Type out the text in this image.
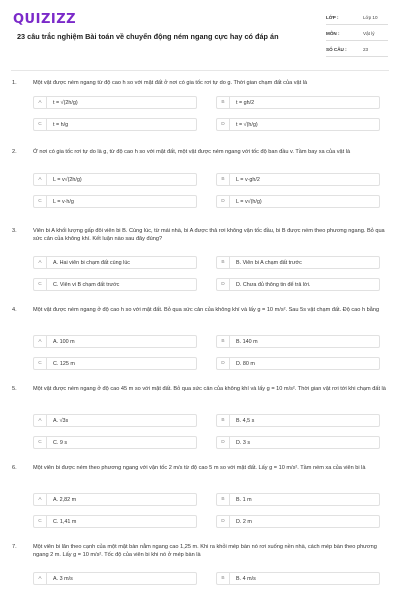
QUIZIZZ
23 câu trắc nghiệm Bài toán về chuyển động ném ngang cực hay có đáp án
LỚP :	Lớp 10
MÔN :	Vật lý
SỐ CÂU :	23
1.	Một vật được ném ngang từ độ cao h so với mặt đất ở nơi có gia tốc rơi tự do g. Thời gian chạm đất của vật là
A	t = √(2h/g)	B	t = gh/2
C	t = h/g	D	t = √(h/g)
2.	Ở nơi có gia tốc rơi tự do là g, từ độ cao h so với mặt đất, một vật được ném ngang với tốc độ ban đầu v. Tầm bay xa của vật là
A	L = v√(2h/g)	B	L = v·gh/2
C	L = v·h/g	D	L = v√(h/g)
3.	Viên bi A khối lượng gấp đôi viên bi B. Cùng lúc, từ mái nhà, bi A được thả rơi không vận tốc đầu, bi B được ném theo phương ngang. Bỏ qua sức cản của không khí. Kết luận nào sau đây đúng?
A	A. Hai viên bi chạm đất cùng lúc	B	B. Viên bi A chạm đất trước
C	C. Viên vi B chạm đất trước	D	D. Chưa đủ thông tin để trả lời.
4.	Một vật được ném ngang ở độ cao h so với mặt đất. Bỏ qua sức cản của không khí và lấy g = 10 m/s². Sau 5s vật chạm đất. Độ cao h bằng
A	A. 100 m	B	B. 140 m
C	C. 125 m	D	D. 80 m
5.	Một vật được ném ngang ở độ cao 45 m so với mặt đất. Bỏ qua sức cản của không khí và lấy g = 10 m/s². Thời gian vật rơi tới khi chạm đất là
A	A. √3s	B	B. 4,5 s
C	C. 9 s	D	D. 3 s
6.	Một viên bi được ném theo phương ngang với vận tốc 2 m/s từ độ cao 5 m so với mặt đất. Lấy g = 10 m/s². Tầm ném xa của viên bi là
A	A. 2,82 m	B	B. 1 m
C	C. 1,41 m	D	D. 2 m
7.	Một viên bi lăn theo cạnh của một mặt bàn nằm ngang cao 1,25 m. Khi ra khỏi mép bàn nó rơi xuống nền nhà, cách mép bàn theo phương ngang 2 m. Lấy g = 10 m/s². Tốc độ của viên bi khi nó ở mép bàn là
A	A. 3 m/s	B	B. 4 m/s
